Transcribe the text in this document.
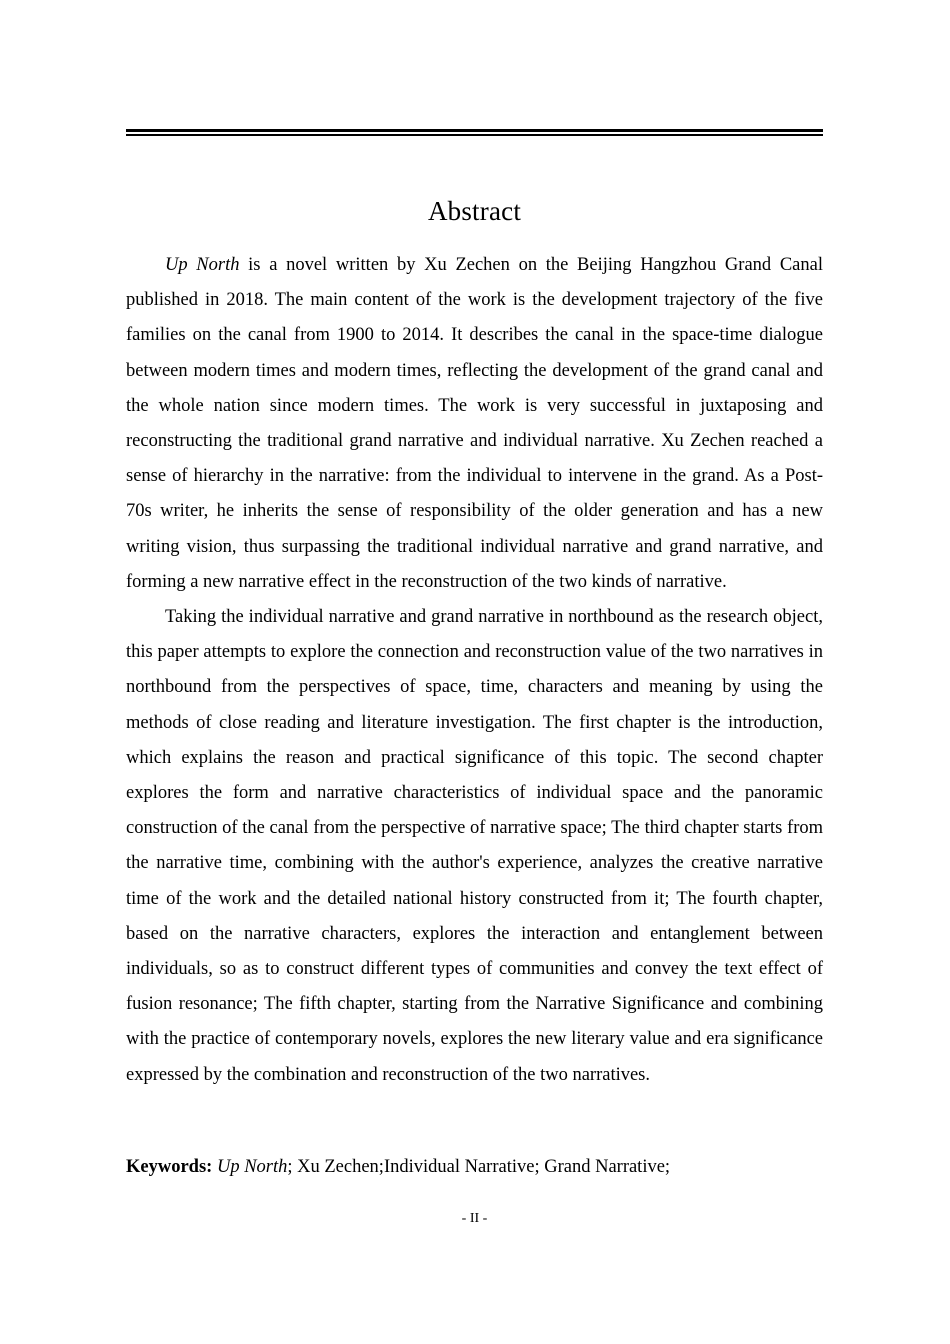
Abstract

Up North is a novel written by Xu Zechen on the Beijing Hangzhou Grand Canal published in 2018. The main content of the work is the development trajectory of the five families on the canal from 1900 to 2014. It describes the canal in the space-time dialogue between modern times and modern times, reflecting the development of the grand canal and the whole nation since modern times. The work is very successful in juxtaposing and reconstructing the traditional grand narrative and individual narrative. Xu Zechen reached a sense of hierarchy in the narrative: from the individual to intervene in the grand. As a Post-70s writer, he inherits the sense of responsibility of the older generation and has a new writing vision, thus surpassing the traditional individual narrative and grand narrative, and forming a new narrative effect in the reconstruction of the two kinds of narrative.

Taking the individual narrative and grand narrative in northbound as the research object, this paper attempts to explore the connection and reconstruction value of the two narratives in northbound from the perspectives of space, time, characters and meaning by using the methods of close reading and literature investigation. The first chapter is the introduction, which explains the reason and practical significance of this topic. The second chapter explores the form and narrative characteristics of individual space and the panoramic construction of the canal from the perspective of narrative space; The third chapter starts from the narrative time, combining with the author's experience, analyzes the creative narrative time of the work and the detailed national history constructed from it; The fourth chapter, based on the narrative characters, explores the interaction and entanglement between individuals, so as to construct different types of communities and convey the text effect of fusion resonance; The fifth chapter, starting from the Narrative Significance and combining with the practice of contemporary novels, explores the new literary value and era significance expressed by the combination and reconstruction of the two narratives.

Keywords: Up North; Xu Zechen;Individual Narrative; Grand Narrative;
- II -
